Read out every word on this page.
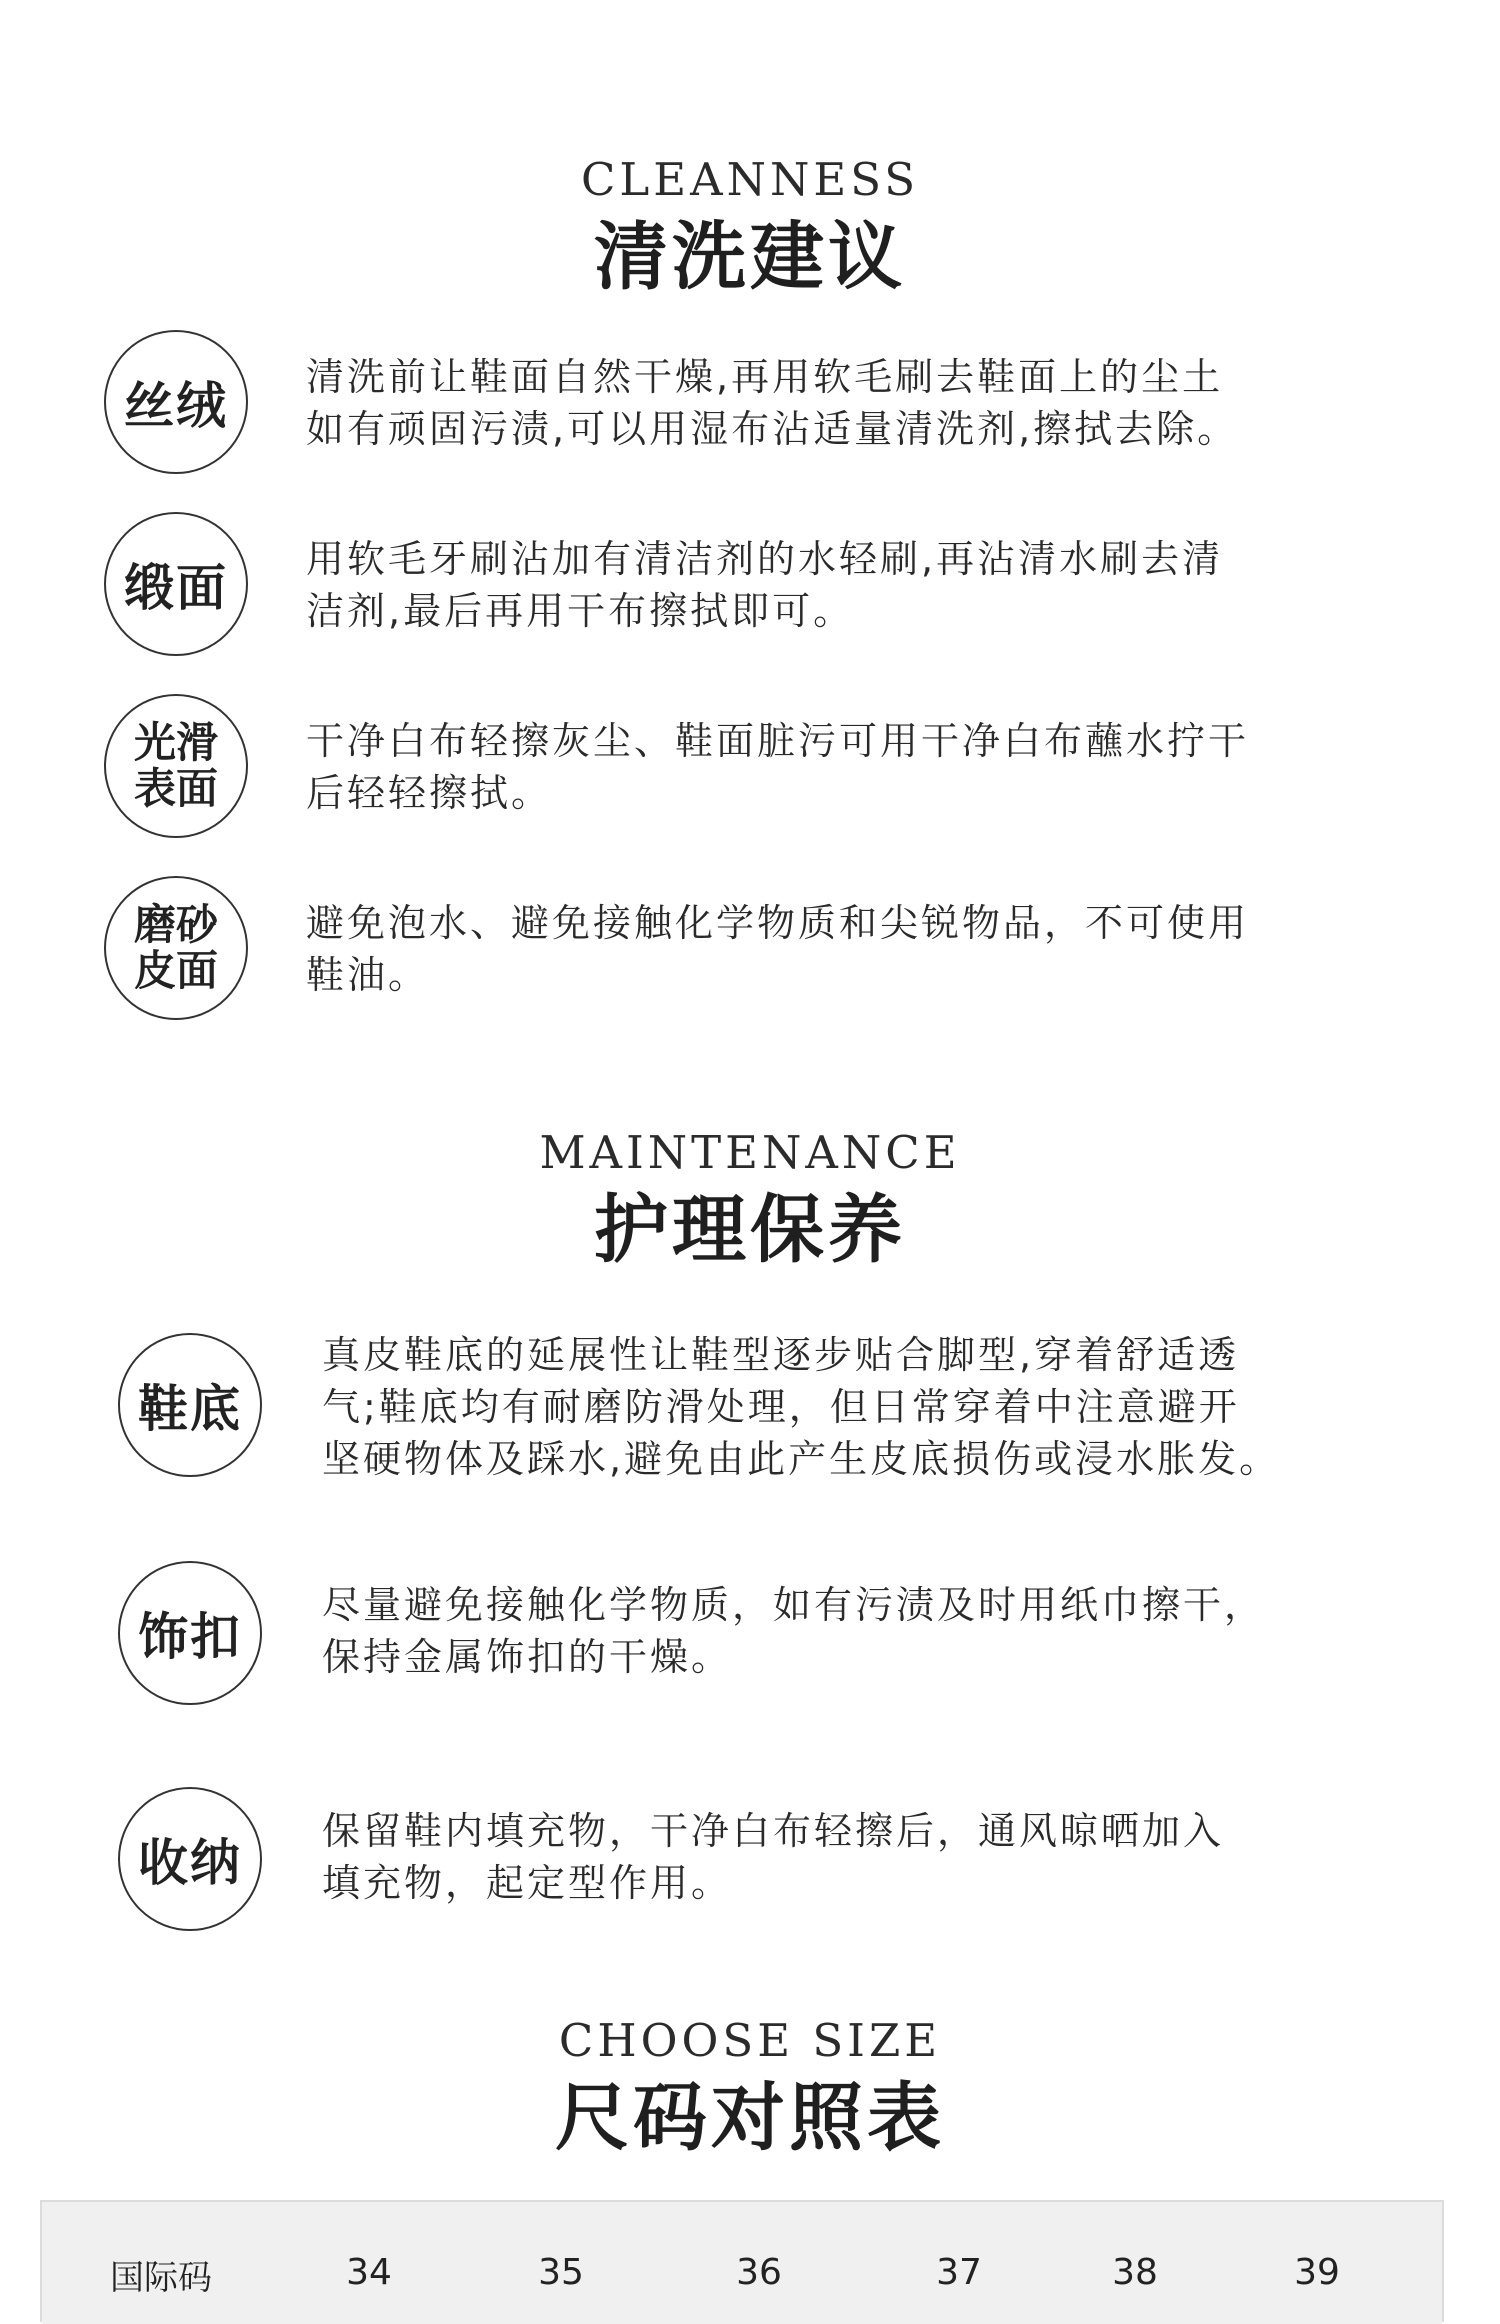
CLEANNESS
清洗建议
丝绒	清洗前让鞋面自然干燥,再用软毛刷去鞋面上的尘土
如有顽固污渍,可以用湿布沾适量清洗剂,擦拭去除。
缎面	用软毛牙刷沾加有清洁剂的水轻刷,再沾清水刷去清
洁剂,最后再用干布擦拭即可。
光滑表面
干净白布轻擦灰尘、鞋面脏污可用干净白布蘸水拧干
后轻轻擦拭。
磨砂皮面
避免泡水、避免接触化学物质和尖锐物品，不可使用
鞋油。
MAINTENANCE
护理保养
鞋底
真皮鞋底的延展性让鞋型逐步贴合脚型,穿着舒适透
气;鞋底均有耐磨防滑处理，但日常穿着中注意避开
坚硬物体及踩水,避免由此产生皮底损伤或浸水胀发。
饰扣
尽量避免接触化学物质，如有污渍及时用纸巾擦干，
保持金属饰扣的干燥。
收纳
保留鞋内填充物，干净白布轻擦后，通风晾晒加入
填充物，起定型作用。
CHOOSE SIZE
尺码对照表
国际码	34	35	36	37	38	39
